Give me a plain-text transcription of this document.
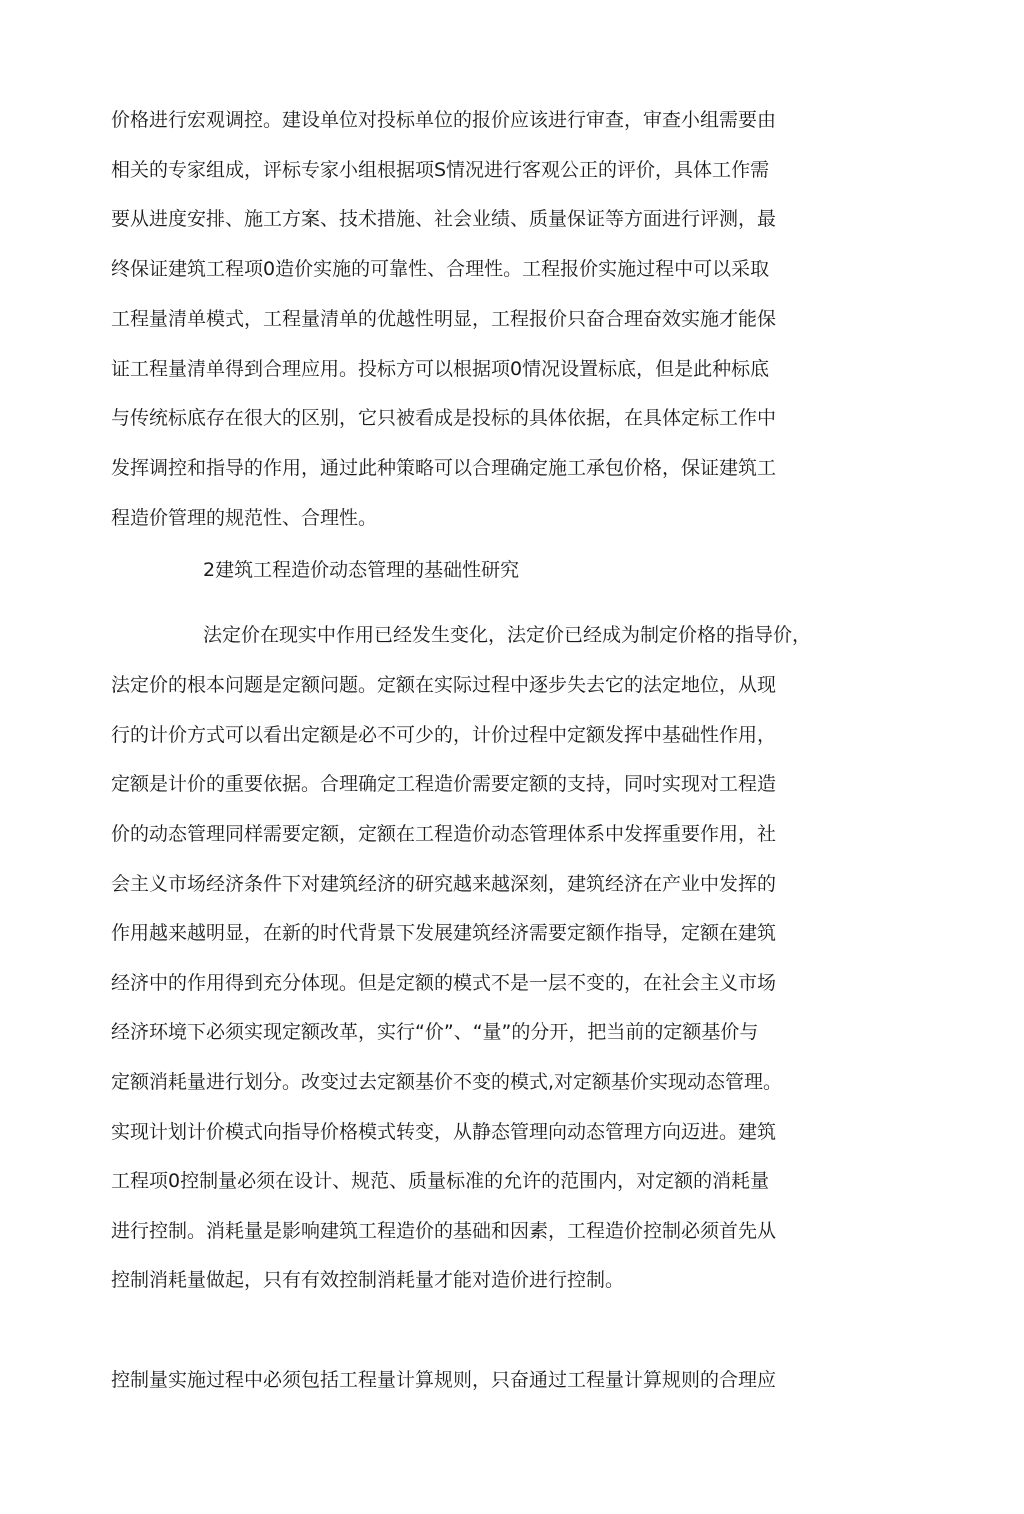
价格进行宏观调控。建设单位对投标单位的报价应该进行审查，审查小组需要由
相关的专家组成，评标专家小组根据项S情况进行客观公正的评价，具体工作需
要从进度安排、施工方案、技术措施、社会业绩、质量保证等方面进行评测，最
终保证建筑工程项0造价实施的可靠性、合理性。工程报价实施过程中可以采取
工程量清单模式，工程量清单的优越性明显，工程报价只奋合理奋效实施才能保
证工程量清单得到合理应用。投标方可以根据项0情况设置标底，但是此种标底
与传统标底存在很大的区别，它只被看成是投标的具体依据，在具体定标工作中
发挥调控和指导的作用，通过此种策略可以合理确定施工承包价格，保证建筑工
程造价管理的规范性、合理性。
2建筑工程造价动态管理的基础性研究
法定价在现实中作用已经发生变化，法定价已经成为制定价格的指导价，
法定价的根本问题是定额问题。定额在实际过程中逐步失去它的法定地位，从现
行的计价方式可以看出定额是必不可少的，计价过程中定额发挥中基础性作用，
定额是计价的重要依据。合理确定工程造价需要定额的支持，同吋实现对工程造
价的动态管理同样需要定额，定额在工程造价动态管理体系中发挥重要作用，社
会主义市场经济条件下对建筑经济的研究越来越深刻，建筑经济在产业中发挥的
作用越来越明显，在新的时代背景下发展建筑经济需要定额作指导，定额在建筑
经济中的作用得到充分体现。但是定额的模式不是一层不变的，在社会主义市场
经济环境下必须实现定额改革，实行“价”、“量”的分开，把当前的定额基价与
定额消耗量进行划分。改变过去定额基价不变的模式,对定额基价实现动态管理。
实现计划计价模式向指导价格模式转变，从静态管理向动态管理方向迈进。建筑
工程项0控制量必须在设计、规范、质量标准的允许的范围内，对定额的消耗量
进行控制。消耗量是影响建筑工程造价的基础和因素，工程造价控制必须首先从
控制消耗量做起，只有有效控制消耗量才能对造价进行控制。
控制量实施过程中必须包括工程量计算规则，只奋通过工程量计算规则的合理应
